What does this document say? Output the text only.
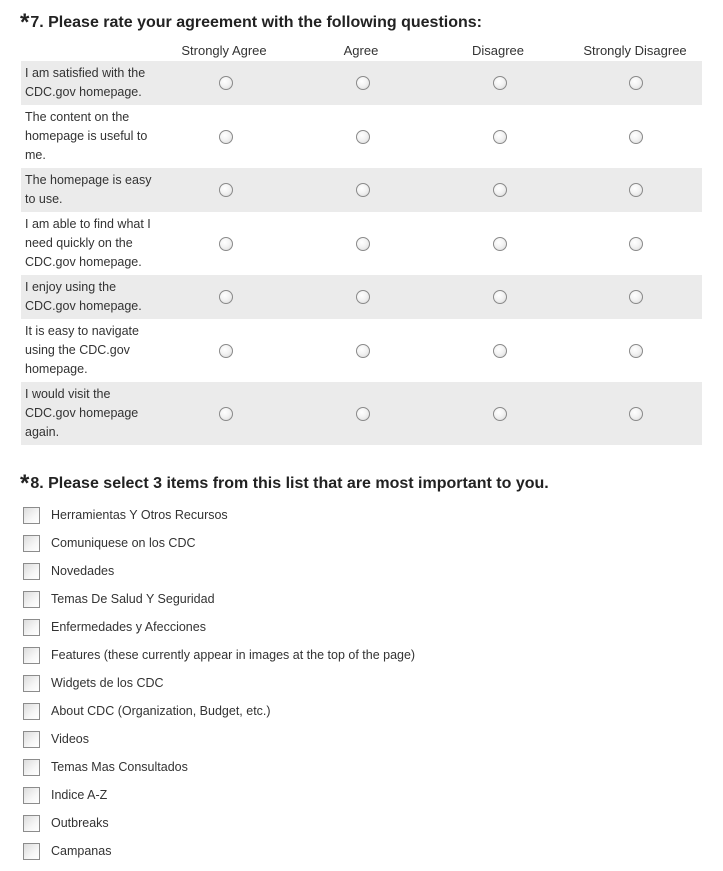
*7. Please rate your agreement with the following questions:
Strongly Agree	Agree	Disagree	Strongly Disagree
I am satisfied with the CDC.gov homepage.
The content on the homepage is useful to me.
The homepage is easy to use.
I am able to find what I need quickly on the CDC.gov homepage.
I enjoy using the CDC.gov homepage.
It is easy to navigate using the CDC.gov homepage.
I would visit the CDC.gov homepage again.
*8. Please select 3 items from this list that are most important to you.
Herramientas Y Otros Recursos
Comuniquese on los CDC
Novedades
Temas De Salud Y Seguridad
Enfermedades y Afecciones
Features (these currently appear in images at the top of the page)
Widgets de los CDC
About CDC (Organization, Budget, etc.)
Videos
Temas Mas Consultados
Indice A-Z
Outbreaks
Campanas
